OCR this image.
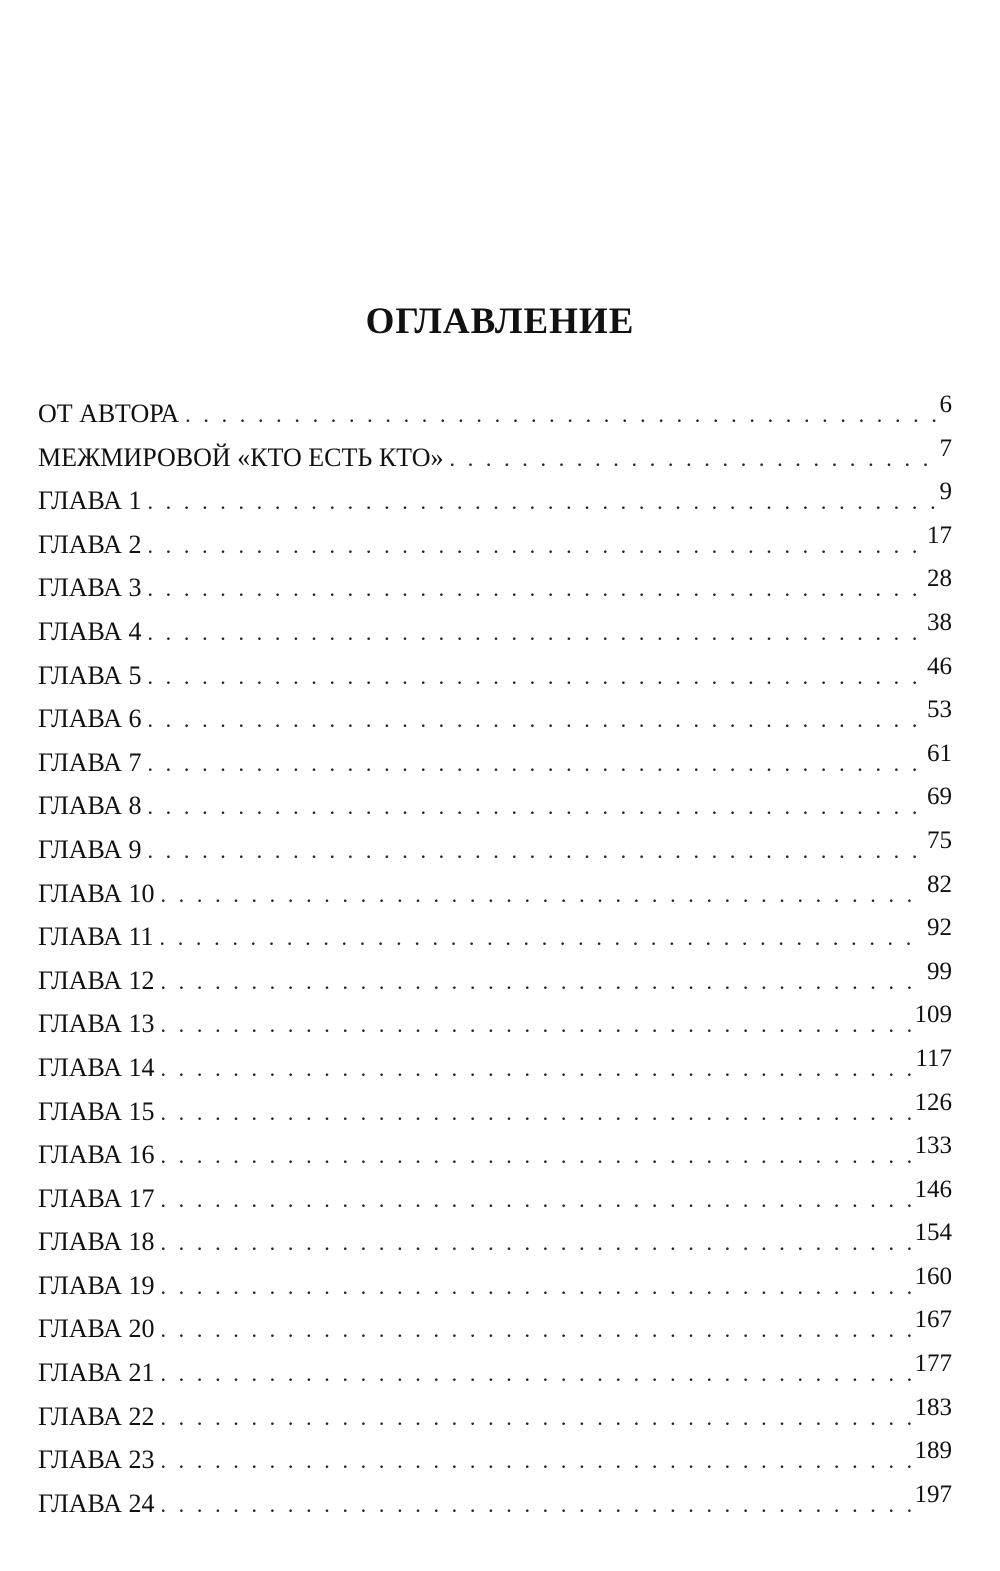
ОГЛАВЛЕНИЕ
ОТ АВТОРА . . .	6
МЕЖМИРОВОЙ «КТО ЕСТЬ КТО» . . .	7
ГЛАВА 1 . . .	9
ГЛАВА 2 . . .	17
ГЛАВА 3 . . .	28
ГЛАВА 4 . . .	38
ГЛАВА 5 . . .	46
ГЛАВА 6 . . .	53
ГЛАВА 7 . . .	61
ГЛАВА 8 . . .	69
ГЛАВА 9 . . .	75
ГЛАВА 10 . . .	82
ГЛАВА 11 . . .	92
ГЛАВА 12 . . .	99
ГЛАВА 13 . . .	109
ГЛАВА 14 . . .	117
ГЛАВА 15 . . .	126
ГЛАВА 16 . . .	133
ГЛАВА 17 . . .	146
ГЛАВА 18 . . .	154
ГЛАВА 19 . . .	160
ГЛАВА 20 . . .	167
ГЛАВА 21 . . .	177
ГЛАВА 22 . . .	183
ГЛАВА 23 . . .	189
ГЛАВА 24 . . .	197
